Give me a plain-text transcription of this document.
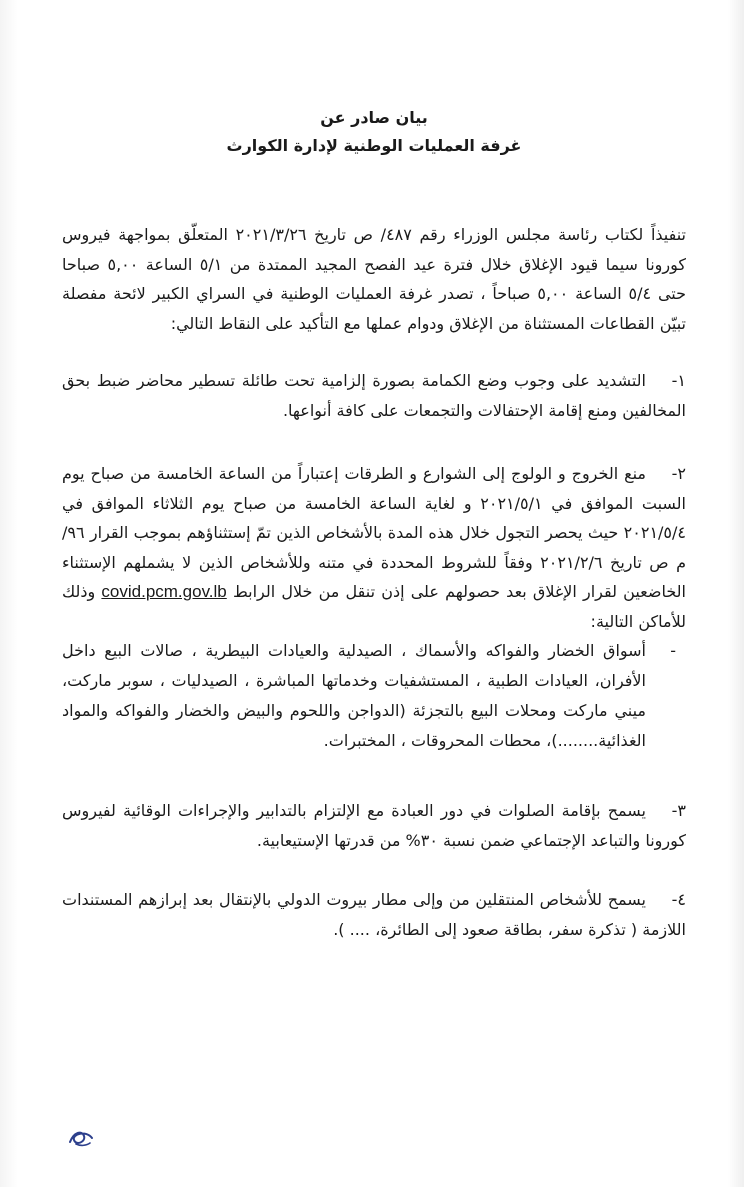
بيان صادر عن
غرفة العمليات الوطنية لإدارة الكوارث
تنفيذاً لكتاب رئاسة مجلس الوزراء رقم ٤٨٧/ ص تاريخ ٢٠٢١/٣/٢٦ المتعلّق بمواجهة فيروس كورونا سيما قيود الإغلاق خلال فترة عيد الفصح المجيد الممتدة من ٥/١ الساعة ٥,٠٠ صباحا حتى ٥/٤ الساعة ٥,٠٠ صباحاً ، تصدر غرفة العمليات الوطنية في السراي الكبير لائحة مفصلة تبيّن القطاعات المستثناة من الإغلاق ودوام عملها مع التأكيد على النقاط التالي:
١-
التشديد على وجوب وضع الكمامة بصورة إلزامية تحت طائلة تسطير محاضر ضبط بحق المخالفين ومنع إقامة الإحتفالات والتجمعات على كافة أنواعها.
٢-
منع الخروج و الولوج إلى الشوارع و الطرقات إعتباراً من الساعة الخامسة من صباح يوم السبت الموافق في ٢٠٢١/٥/١ و لغاية الساعة الخامسة من صباح يوم الثلاثاء الموافق في ٢٠٢١/٥/٤ حيث يحصر التجول خلال هذه المدة بالأشخاص الذين تمّ إستثناؤهم بموجب القرار ٩٦/م ص تاريخ ٢٠٢١/٢/٦ وفقاً للشروط المحددة في متنه وللأشخاص الذين لا يشملهم الإستثناء الخاضعين لقرار الإغلاق بعد حصولهم على إذن تنقل من خلال الرابط covid.pcm.gov.lb وذلك للأماكن التالية:
-
أسواق الخضار والفواكه والأسماك ، الصيدلية والعيادات البيطرية ، صالات البيع داخل الأفران، العيادات الطبية ، المستشفيات وخدماتها المباشرة ، الصيدليات ، سوبر ماركت، ميني ماركت ومحلات البيع بالتجزئة (الدواجن واللحوم والبيض والخضار والفواكه والمواد الغذائية........)، محطات المحروقات ، المختبرات.
٣-
يسمح بإقامة الصلوات في دور العبادة مع الإلتزام بالتدابير والإجراءات الوقائية لفيروس كورونا والتباعد الإجتماعي ضمن نسبة ٣٠% من قدرتها الإستيعابية.
٤-
يسمح للأشخاص المنتقلين من وإلى مطار بيروت الدولي بالإنتقال بعد إبرازهم المستندات اللازمة ( تذكرة سفر، بطاقة صعود إلى الطائرة، .... ).
